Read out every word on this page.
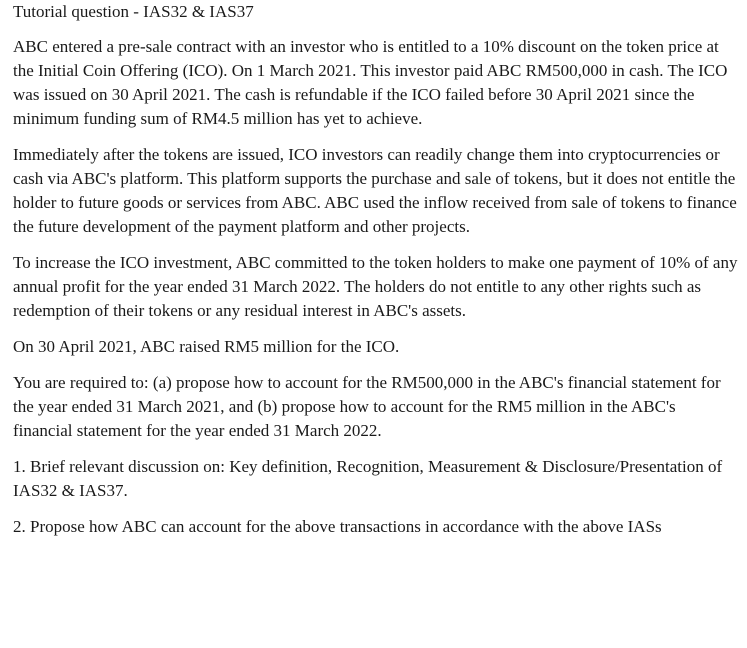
Tutorial question - IAS32 & IAS37

ABC entered a pre-sale contract with an investor who is entitled to a 10% discount on the token price at the Initial Coin Offering (ICO). On 1 March 2021. This investor paid ABC RM500,000 in cash. The ICO was issued on 30 April 2021. The cash is refundable if the ICO failed before 30 April 2021 since the minimum funding sum of RM4.5 million has yet to achieve.

Immediately after the tokens are issued, ICO investors can readily change them into cryptocurrencies or cash via ABC's platform. This platform supports the purchase and sale of tokens, but it does not entitle the holder to future goods or services from ABC. ABC used the inflow received from sale of tokens to finance the future development of the payment platform and other projects.

To increase the ICO investment, ABC committed to the token holders to make one payment of 10% of any annual profit for the year ended 31 March 2022. The holders do not entitle to any other rights such as redemption of their tokens or any residual interest in ABC's assets.

On 30 April 2021, ABC raised RM5 million for the ICO.

You are required to: (a) propose how to account for the RM500,000 in the ABC's financial statement for the year ended 31 March 2021, and (b) propose how to account for the RM5 million in the ABC's financial statement for the year ended 31 March 2022.

1. Brief relevant discussion on: Key definition, Recognition, Measurement & Disclosure/Presentation of IAS32 & IAS37.

2. Propose how ABC can account for the above transactions in accordance with the above IASs
